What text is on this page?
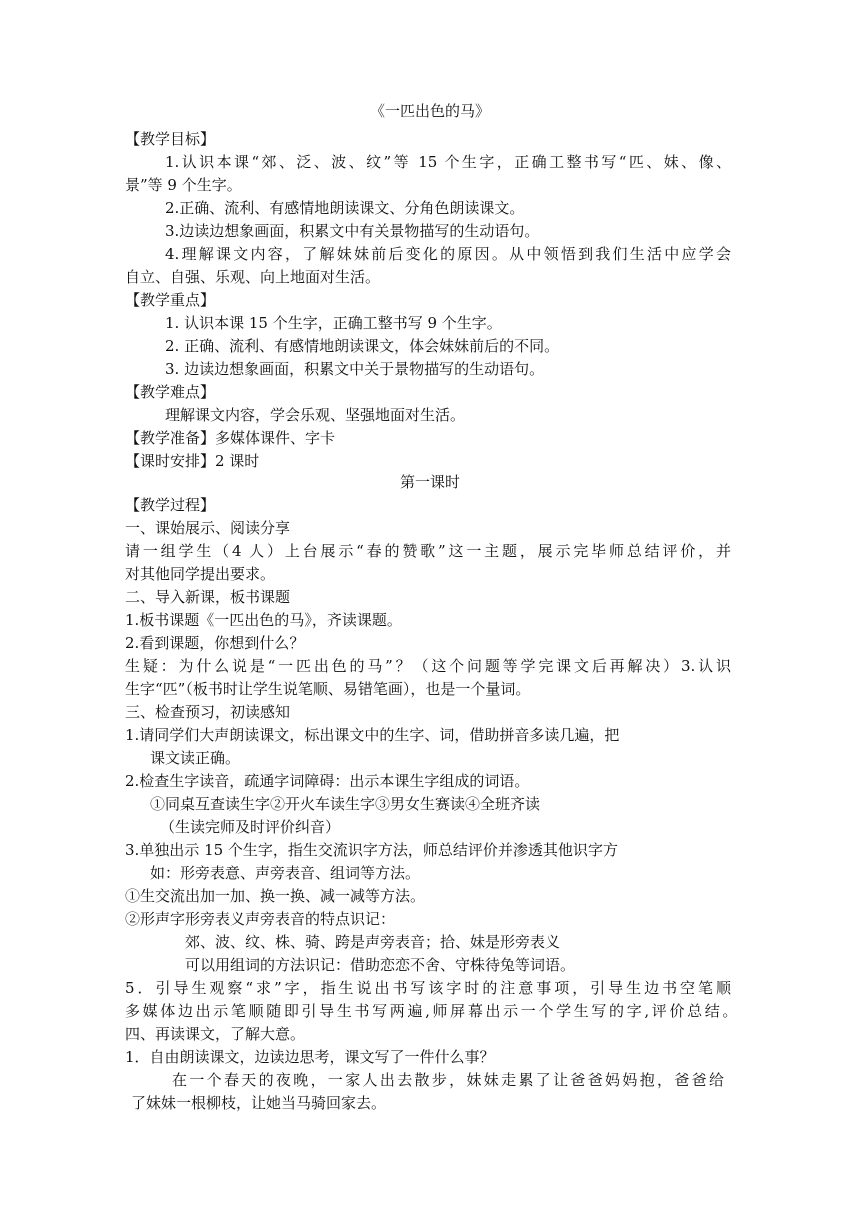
《一匹出色的马》
【教学目标】
1.认识本课“郊、泛、波、纹”等 15 个生字，正确工整书写“匹、妹、像、
景”等 9 个生字。
2.正确、流利、有感情地朗读课文、分角色朗读课文。
3.边读边想象画面，积累文中有关景物描写的生动语句。
4.理解课文内容，了解妹妹前后变化的原因。从中领悟到我们生活中应学会
自立、自强、乐观、向上地面对生活。
【教学重点】
1. 认识本课 15 个生字，正确工整书写 9 个生字。
2. 正确、流利、有感情地朗读课文，体会妹妹前后的不同。
3. 边读边想象画面，积累文中关于景物描写的生动语句。
【教学难点】
理解课文内容，学会乐观、坚强地面对生活。
【教学准备】多媒体课件、字卡
【课时安排】2 课时
第一课时
【教学过程】
一、课始展示、阅读分享
请一组学生（4 人）上台展示“春的赞歌”这一主题，展示完毕师总结评价，并
对其他同学提出要求。
二、导入新课，板书课题
1.板书课题《一匹出色的马》，齐读课题。
2.看到课题，你想到什么？
生疑：为什么说是“一匹出色的马”？（这个问题等学完课文后再解决）3.认识
生字“匹”（板书时让学生说笔顺、易错笔画），也是一个量词。
三、检查预习，初读感知
1.请同学们大声朗读课文，标出课文中的生字、词，借助拼音多读几遍，把
课文读正确。
2.检查生字读音，疏通字词障碍：出示本课生字组成的词语。
①同桌互查读生字②开火车读生字③男女生赛读④全班齐读
（生读完师及时评价纠音）
3.单独出示 15 个生字，指生交流识字方法，师总结评价并渗透其他识字方
如：形旁表意、声旁表音、组词等方法。
①生交流出加一加、换一换、减一减等方法。
②形声字形旁表义声旁表音的特点识记：
郊、波、纹、株、骑、跨是声旁表音；拾、妹是形旁表义
可以用组词的方法识记：借助恋恋不舍、守株待兔等词语。
5．引导生观察“求”字，指生说出书写该字时的注意事项，引导生边书空笔顺
多媒体边出示笔顺随即引导生书写两遍,师屏幕出示一个学生写的字,评价总结。
四、再读课文，了解大意。
1．自由朗读课文，边读边思考，课文写了一件什么事？
在一个春天的夜晚，一家人出去散步，妹妹走累了让爸爸妈妈抱，爸爸给
了妹妹一根柳枝，让她当马骑回家去。
